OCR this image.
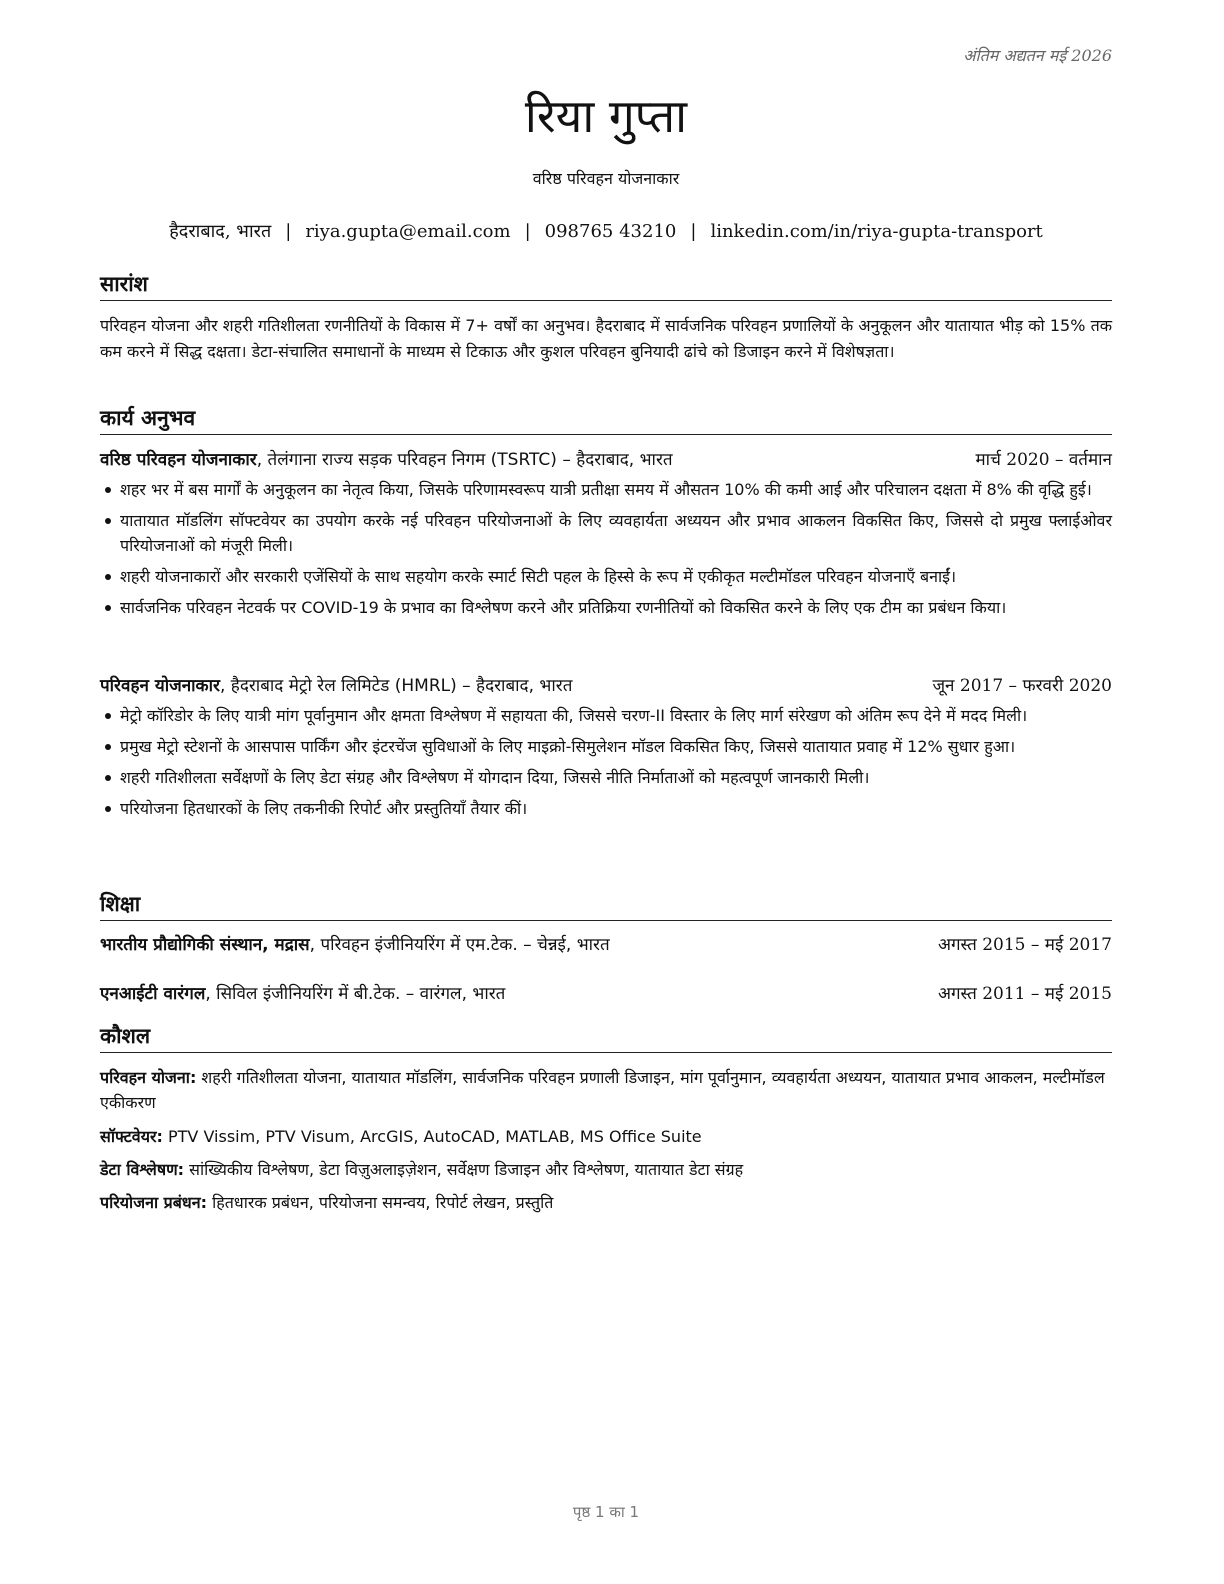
अंतिम अद्यतन मई 2026
रिया गुप्ता
वरिष्ठ परिवहन योजनाकार
हैदराबाद, भारत | riya.gupta@email.com | 098765 43210 | linkedin.com/in/riya-gupta-transport
सारांश
परिवहन योजना और शहरी गतिशीलता रणनीतियों के विकास में 7+ वर्षों का अनुभव। हैदराबाद में सार्वजनिक परिवहन प्रणालियों के अनुकूलन और यातायात भीड़ को 15% तक कम करने में सिद्ध दक्षता। डेटा-संचालित समाधानों के माध्यम से टिकाऊ और कुशल परिवहन बुनियादी ढांचे को डिजाइन करने में विशेषज्ञता।
कार्य अनुभव
वरिष्ठ परिवहन योजनाकार, तेलंगाना राज्य सड़क परिवहन निगम (TSRTC) – हैदराबाद, भारत	मार्च 2020 – वर्तमान
शहर भर में बस मार्गों के अनुकूलन का नेतृत्व किया, जिसके परिणामस्वरूप यात्री प्रतीक्षा समय में औसतन 10% की कमी आई और परिचालन दक्षता में 8% की वृद्धि हुई।
यातायात मॉडलिंग सॉफ्टवेयर का उपयोग करके नई परिवहन परियोजनाओं के लिए व्यवहार्यता अध्ययन और प्रभाव आकलन विकसित किए, जिससे दो प्रमुख फ्लाईओवर परियोजनाओं को मंजूरी मिली।
शहरी योजनाकारों और सरकारी एजेंसियों के साथ सहयोग करके स्मार्ट सिटी पहल के हिस्से के रूप में एकीकृत मल्टीमॉडल परिवहन योजनाएँ बनाईं।
सार्वजनिक परिवहन नेटवर्क पर COVID-19 के प्रभाव का विश्लेषण करने और प्रतिक्रिया रणनीतियों को विकसित करने के लिए एक टीम का प्रबंधन किया।
परिवहन योजनाकार, हैदराबाद मेट्रो रेल लिमिटेड (HMRL) – हैदराबाद, भारत	जून 2017 – फरवरी 2020
मेट्रो कॉरिडोर के लिए यात्री मांग पूर्वानुमान और क्षमता विश्लेषण में सहायता की, जिससे चरण-II विस्तार के लिए मार्ग संरेखण को अंतिम रूप देने में मदद मिली।
प्रमुख मेट्रो स्टेशनों के आसपास पार्किंग और इंटरचेंज सुविधाओं के लिए माइक्रो-सिमुलेशन मॉडल विकसित किए, जिससे यातायात प्रवाह में 12% सुधार हुआ।
शहरी गतिशीलता सर्वेक्षणों के लिए डेटा संग्रह और विश्लेषण में योगदान दिया, जिससे नीति निर्माताओं को महत्वपूर्ण जानकारी मिली।
परियोजना हितधारकों के लिए तकनीकी रिपोर्ट और प्रस्तुतियाँ तैयार कीं।
शिक्षा
भारतीय प्रौद्योगिकी संस्थान, मद्रास, परिवहन इंजीनियरिंग में एम.टेक. – चेन्नई, भारत	अगस्त 2015 – मई 2017
एनआईटी वारंगल, सिविल इंजीनियरिंग में बी.टेक. – वारंगल, भारत	अगस्त 2011 – मई 2015
कौशल
परिवहन योजना: शहरी गतिशीलता योजना, यातायात मॉडलिंग, सार्वजनिक परिवहन प्रणाली डिजाइन, मांग पूर्वानुमान, व्यवहार्यता अध्ययन, यातायात प्रभाव आकलन, मल्टीमॉडल एकीकरण
सॉफ्टवेयर: PTV Vissim, PTV Visum, ArcGIS, AutoCAD, MATLAB, MS Office Suite
डेटा विश्लेषण: सांख्यिकीय विश्लेषण, डेटा विज़ुअलाइज़ेशन, सर्वेक्षण डिजाइन और विश्लेषण, यातायात डेटा संग्रह
परियोजना प्रबंधन: हितधारक प्रबंधन, परियोजना समन्वय, रिपोर्ट लेखन, प्रस्तुति
पृष्ठ 1 का 1
